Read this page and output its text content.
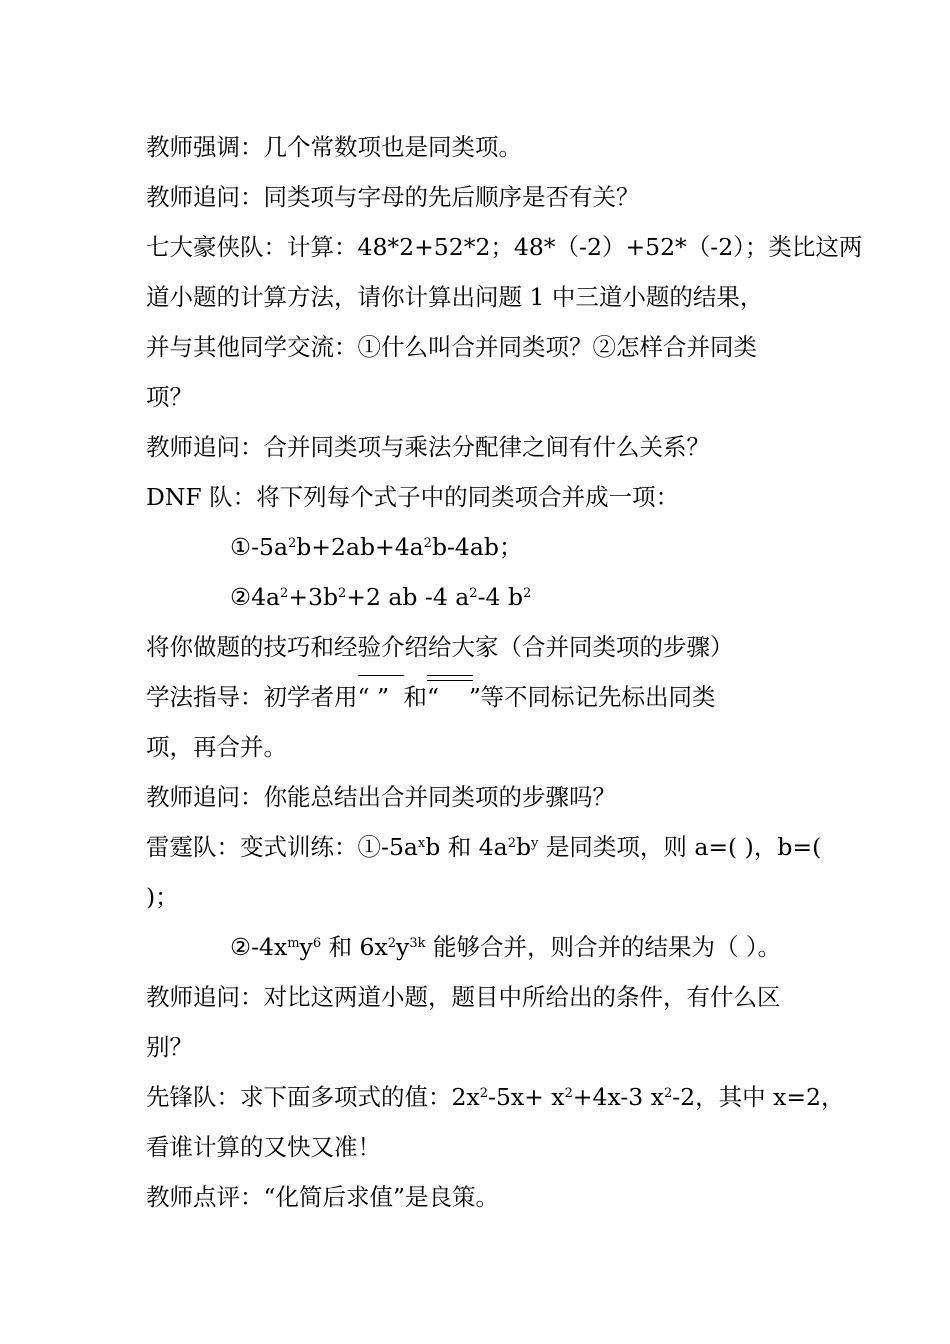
教师强调：几个常数项也是同类项。

教师追问：同类项与字母的先后顺序是否有关？

七大豪侠队：计算：48*2+52*2；48*（-2）+52*（-2）；类比这两

道小题的计算方法，请你计算出问题 1 中三道小题的结果，

并与其他同学交流：①什么叫合并同类项？②怎样合并同类

项？

教师追问：合并同类项与乘法分配律之间有什么关系？

DNF 队：将下列每个式子中的同类项合并成一项：

$①-5a^2b+2ab+4a^2b-4ab$；

$②4a^2+3b^2+2$ ab -4 $a^2-4$ $b^2$

将你做题的技巧和经验介绍给大家（合并同类项的步骤）

学法指导：初学者用“ ” 和“ ” 等不同标记先标出同类

项，再合并。

教师追问：你能总结出合并同类项的步骤吗？

雷霆队：变式训练：$①-5a^xb$ 和 $4a^2b^y$ 是同类项，则 a=( )，b=(

)；

$②-4x^my^6$ 和 $6x^2y^{3k}$ 能够合并，则合并的结果为（ ）。

教师追问：对比这两道小题，题目中所给出的条件，有什么区

别？

先锋队：求下面多项式的值：$2x^2-5x+ x^2+4x-3$ $x^2-2$，其中 x=2，

看谁计算的又快又准！

教师点评：“化简后求值”是良策。
